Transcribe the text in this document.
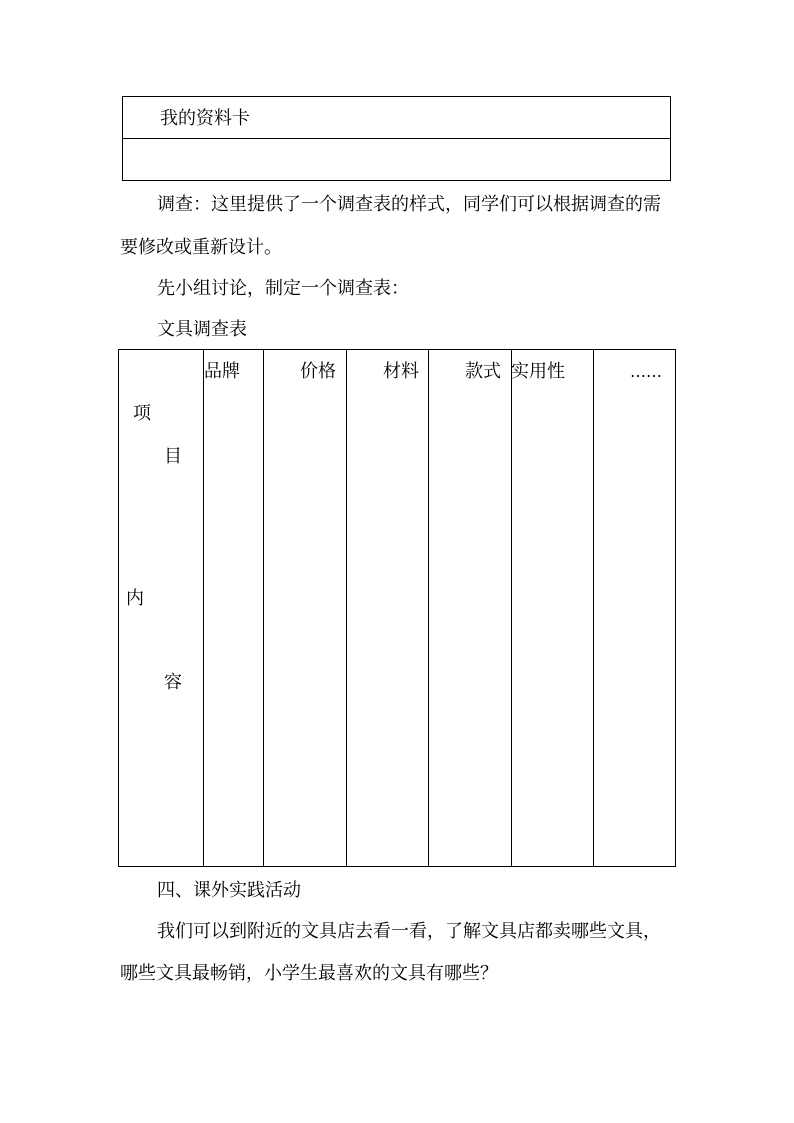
我的资料卡
调查：这里提供了一个调查表的样式，同学们可以根据调查的需
要修改或重新设计。
先小组讨论，制定一个调查表：
文具调查表
项
目
内
容
品牌	价格	材料	款式 实用性	……
四、课外实践活动
我们可以到附近的文具店去看一看，了解文具店都卖哪些文具，
哪些文具最畅销，小学生最喜欢的文具有哪些？
